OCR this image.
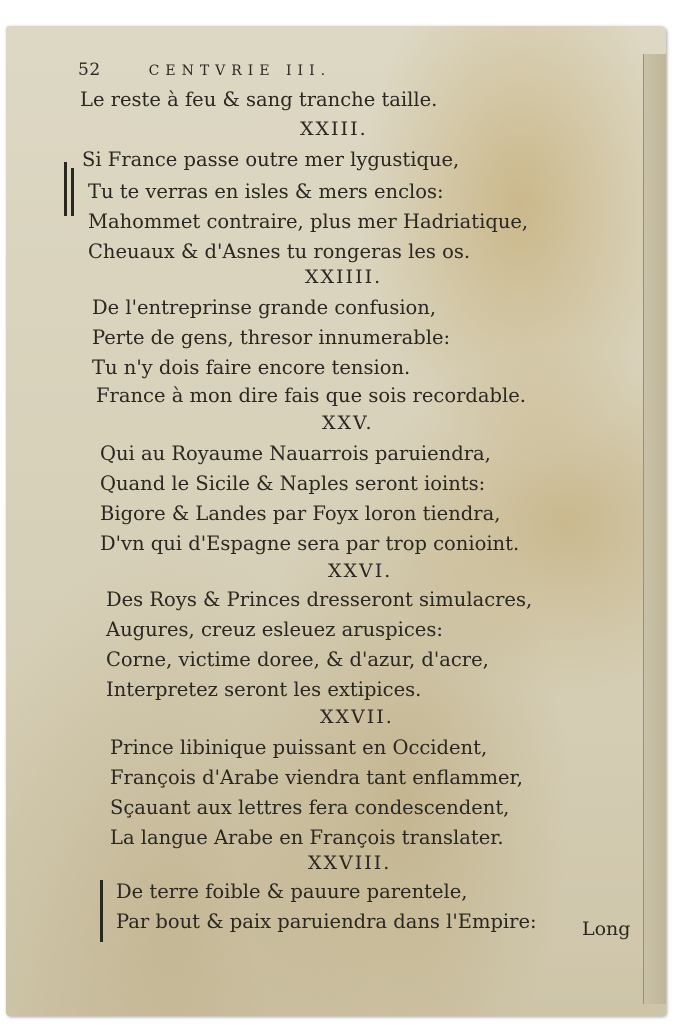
52	CENTVRIE III.
Le reste à feu & sang tranche taille.
XXIII.
Si France passe outre mer lygustique,
Tu te verras en isles & mers enclos:
Mahommet contraire, plus mer Hadriatique,
Cheuaux & d'Asnes tu rongeras les os.
XXIIII.
De l'entreprinse grande confusion,
Perte de gens, thresor innumerable:
Tu n'y dois faire encore tension.
France à mon dire fais que sois recordable.
XXV.
Qui au Royaume Nauarrois paruiendra,
Quand le Sicile & Naples seront ioints:
Bigore & Landes par Foyx loron tiendra,
D'vn qui d'Espagne sera par trop conioint.
XXVI.
Des Roys & Princes dresseront simulacres,
Augures, creuz esleuez aruspices:
Corne, victime doree, & d'azur, d'acre,
Interpretez seront les extipices.
XXVII.
Prince libinique puissant en Occident,
François d'Arabe viendra tant enflammer,
Sçauant aux lettres fera condescendent,
La langue Arabe en François translater.
XXVIII.
De terre foible & pauure parentele,
Par bout & paix paruiendra dans l'Empire: Long
